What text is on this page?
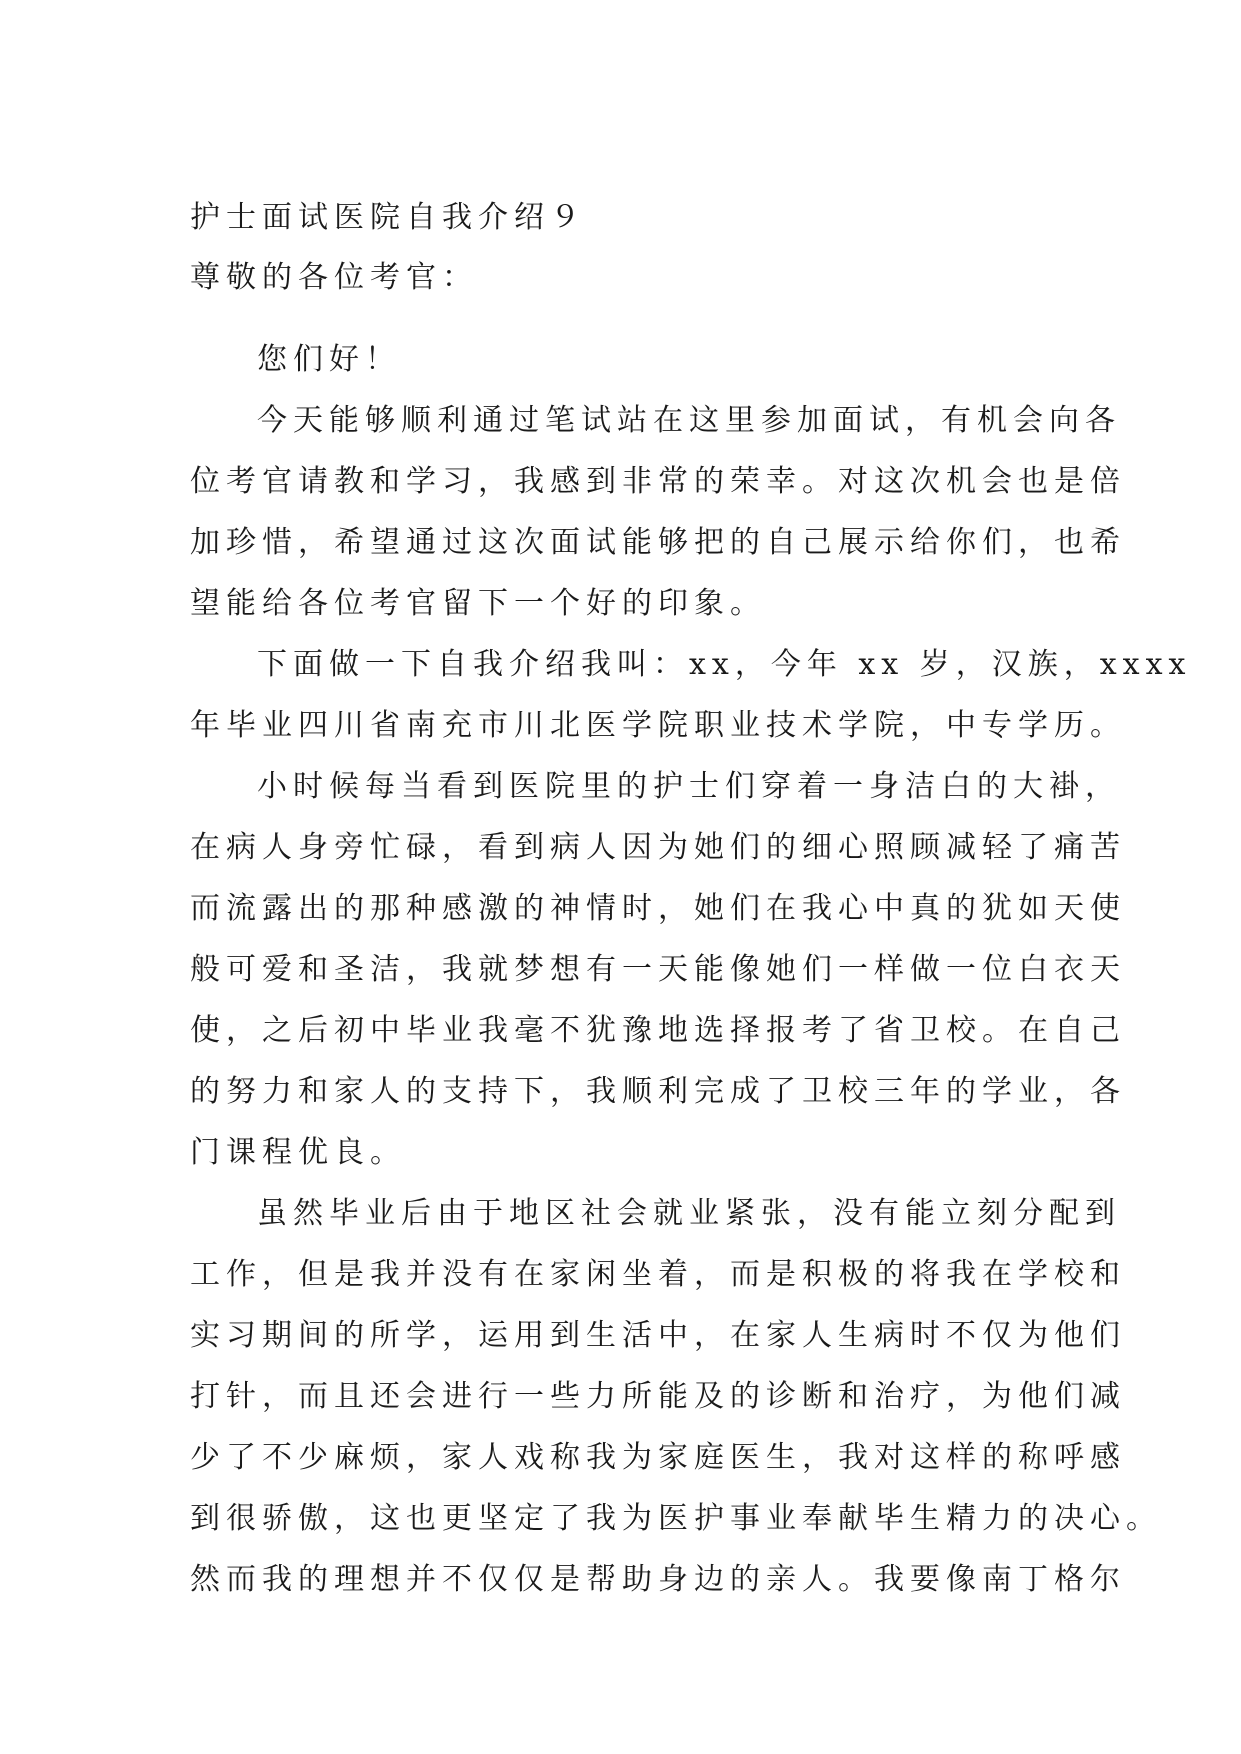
护士面试医院自我介绍９
尊敬的各位考官：
您们好！
今天能够顺利通过笔试站在这里参加面试，有机会向各
位考官请教和学习，我感到非常的荣幸。对这次机会也是倍
加珍惜，希望通过这次面试能够把的自己展示给你们，也希
望能给各位考官留下一个好的印象。
下面做一下自我介绍我叫：xx，今年 xx 岁，汉族，xxxx
年毕业四川省南充市川北医学院职业技术学院，中专学历。
小时候每当看到医院里的护士们穿着一身洁白的大褂，
在病人身旁忙碌，看到病人因为她们的细心照顾减轻了痛苦
而流露出的那种感激的神情时，她们在我心中真的犹如天使
般可爱和圣洁，我就梦想有一天能像她们一样做一位白衣天
使，之后初中毕业我毫不犹豫地选择报考了省卫校。在自己
的努力和家人的支持下，我顺利完成了卫校三年的学业，各
门课程优良。
虽然毕业后由于地区社会就业紧张，没有能立刻分配到
工作，但是我并没有在家闲坐着，而是积极的将我在学校和
实习期间的所学，运用到生活中，在家人生病时不仅为他们
打针，而且还会进行一些力所能及的诊断和治疗，为他们减
少了不少麻烦，家人戏称我为家庭医生，我对这样的称呼感
到很骄傲，这也更坚定了我为医护事业奉献毕生精力的决心。
然而我的理想并不仅仅是帮助身边的亲人。我要像南丁格尔
